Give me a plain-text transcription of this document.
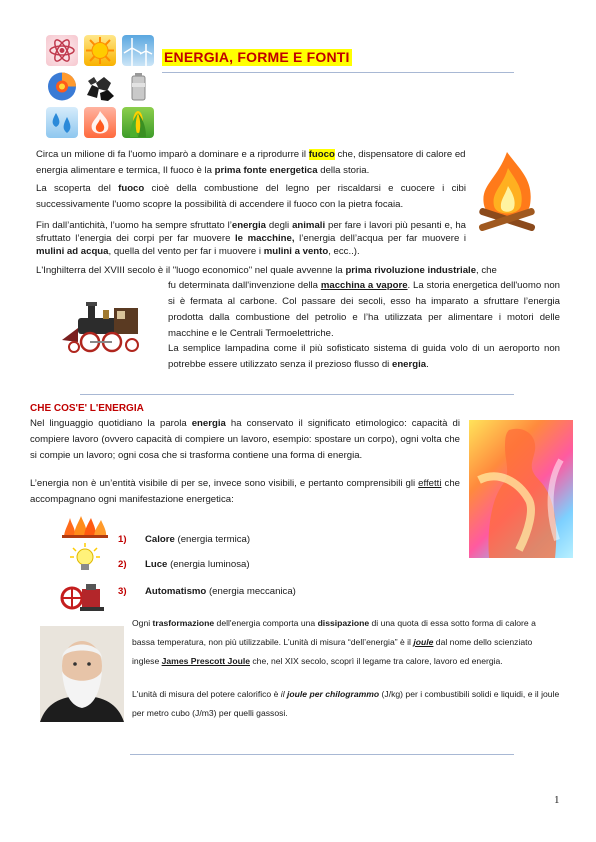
ENERGIA, FORME E FONTI
Circa un milione di fa l'uomo imparò a dominare e a riprodurre il fuoco che, dispensatore di calore ed energia alimentare e termica, Il fuoco è la prima fonte energetica della storia.
La scoperta del fuoco cioè della combustione del legno per riscaldarsi e cuocere i cibi successivamente l'uomo scopre la possibilità di accendere il fuoco con la pietra focaia.
Fin dall’antichità, l’uomo ha sempre sfruttato l’energia degli animali per fare i lavori più pesanti e, ha sfruttato l’energia dei corpi per far muovere le macchine, l’energia dell’acqua per far muovere i mulini ad acqua, quella del vento per far i muovere i mulini a vento, ecc..).
L'Inghilterra del XVIII secolo è il "luogo economico" nel quale avvenne la prima rivoluzione industriale, che
fu determinata dall'invenzione della macchina a vapore. La storia energetica dell'uomo non si è fermata al carbone. Col passare dei secoli, esso ha imparato a sfruttare l’energia prodotta dalla combustione del petrolio e l’ha utilizzata per alimentare i motori delle macchine e le Centrali Termoelettriche.
La semplice lampadina come il più sofisticato sistema di guida volo di un aeroporto non potrebbe essere utilizzato senza il prezioso flusso di energia.
CHE COS'E' L'ENERGIA
Nel linguaggio quotidiano la parola energia ha conservato il significato etimologico: capacità di compiere lavoro (ovvero capacità di compiere un lavoro, esempio: spostare un corpo), ogni volta che si compie un lavoro; ogni cosa che si trasforma contiene una forma di energia.
L’energia non è un’entità visibile di per se, invece sono visibili, e pertanto comprensibili gli effetti che accompagnano ogni manifestazione energetica:
1) Calore (energia termica)
2) Luce (energia luminosa)
3) Automatismo (energia meccanica)
Ogni trasformazione dell'energia comporta una dissipazione di una quota di essa sotto forma di calore a bassa temperatura, non più utilizzabile. L’unità di misura “dell’energia” è il joule dal nome dello scienziato inglese James Prescott Joule che, nel XIX secolo, scoprì il legame tra calore, lavoro ed energia.
L'unità di misura del potere calorifico è il joule per chilogrammo (J/kg) per i combustibili solidi e liquidi, e il joule per metro cubo (J/m3) per quelli gassosi.
1
